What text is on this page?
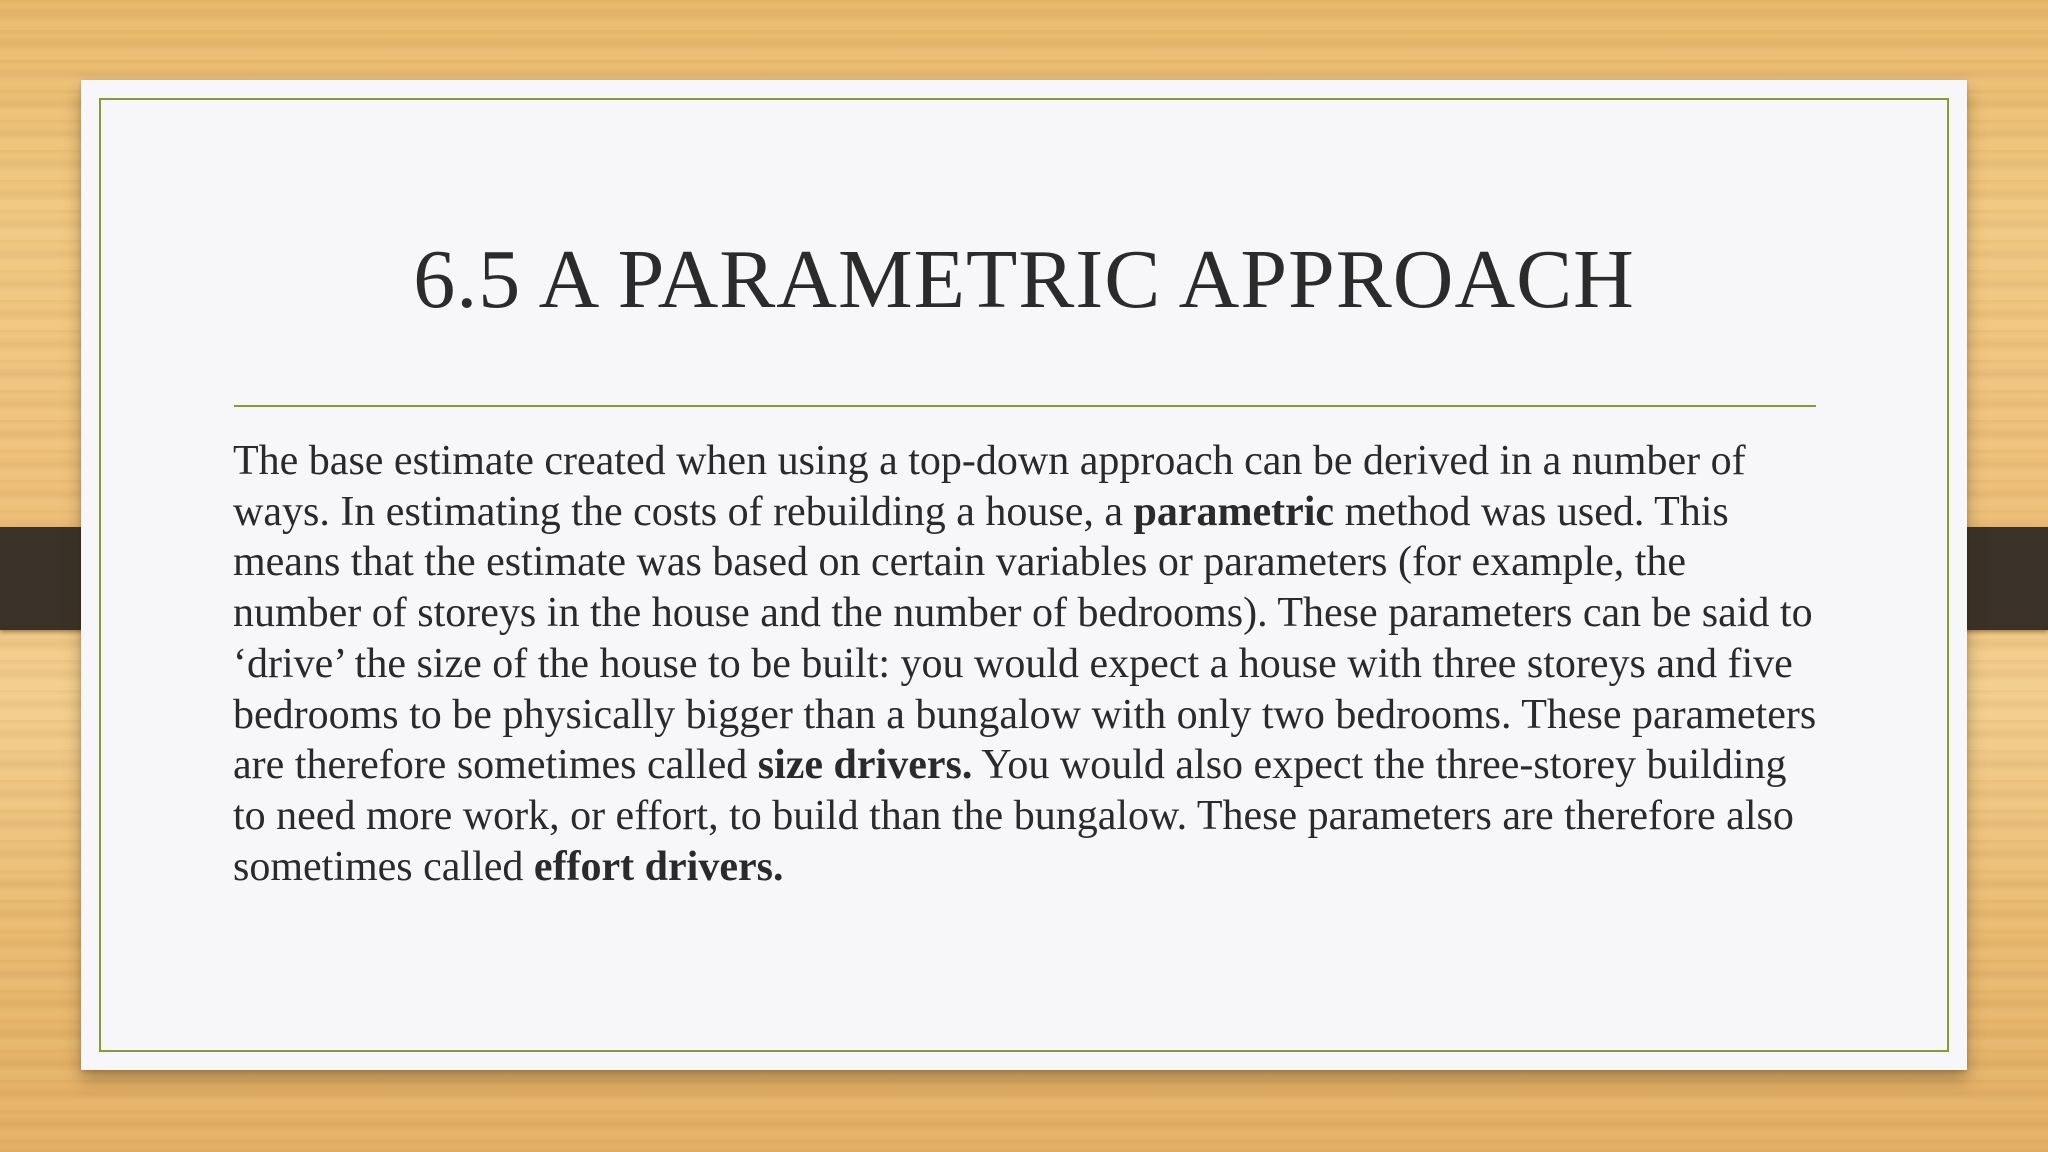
6.5 A PARAMETRIC APPROACH

The base estimate created when using a top-down approach can be derived in a number of ways. In estimating the costs of rebuilding a house, a parametric method was used. This means that the estimate was based on certain variables or parameters (for example, the number of storeys in the house and the number of bedrooms). These parameters can be said to ‘drive’ the size of the house to be built: you would expect a house with three storeys and five bedrooms to be physically bigger than a bungalow with only two bedrooms. These parameters are therefore sometimes called size drivers. You would also expect the three-storey building to need more work, or effort, to build than the bungalow. These parameters are therefore also sometimes called effort drivers.
